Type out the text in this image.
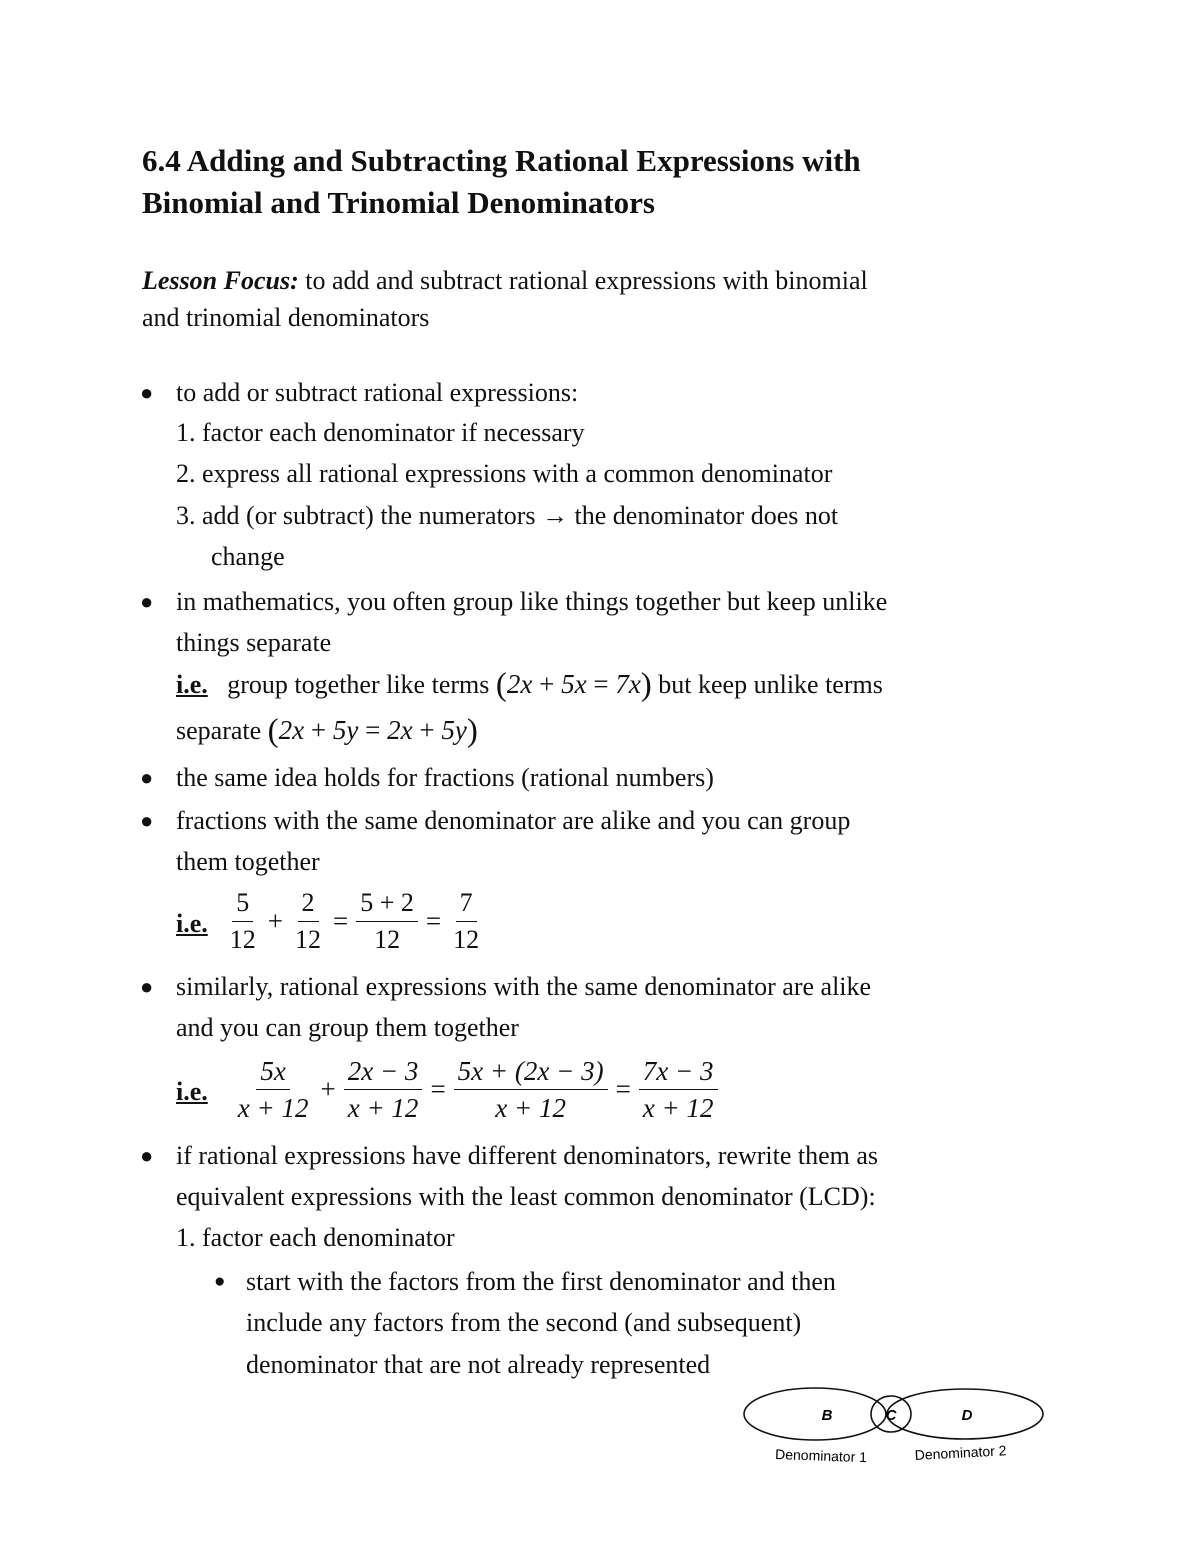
6.4 Adding and Subtracting Rational Expressions with
Binomial and Trinomial Denominators
Lesson Focus: to add and subtract rational expressions with binomial
and trinomial denominators
● to add or subtract rational expressions:
1. factor each denominator if necessary
2. express all rational expressions with a common denominator
3. add (or subtract) the numerators → the denominator does not
change
● in mathematics, you often group like things together but keep unlike
things separate
i.e. group together like terms (2x + 5x = 7x) but keep unlike terms
separate (2x + 5y = 2x + 5y)
● the same idea holds for fractions (rational numbers)
● fractions with the same denominator are alike and you can group
them together
i.e. $\frac{5}{12} + \frac{2}{12} = \frac{5 + 2}{12} = \frac{7}{12}$
● similarly, rational expressions with the same denominator are alike
and you can group them together
i.e. $\frac{5x}{x + 12} + \frac{2x - 3}{x + 12} = \frac{5x + (2x - 3)}{x + 12} = \frac{7x - 3}{x + 12}$
● if rational expressions have different denominators, rewrite them as
equivalent expressions with the least common denominator (LCD):
1. factor each denominator
● start with the factors from the first denominator and then
include any factors from the second (and subsequent)
denominator that are not already represented
B	C	D
Denominator 1	Denominator 2
